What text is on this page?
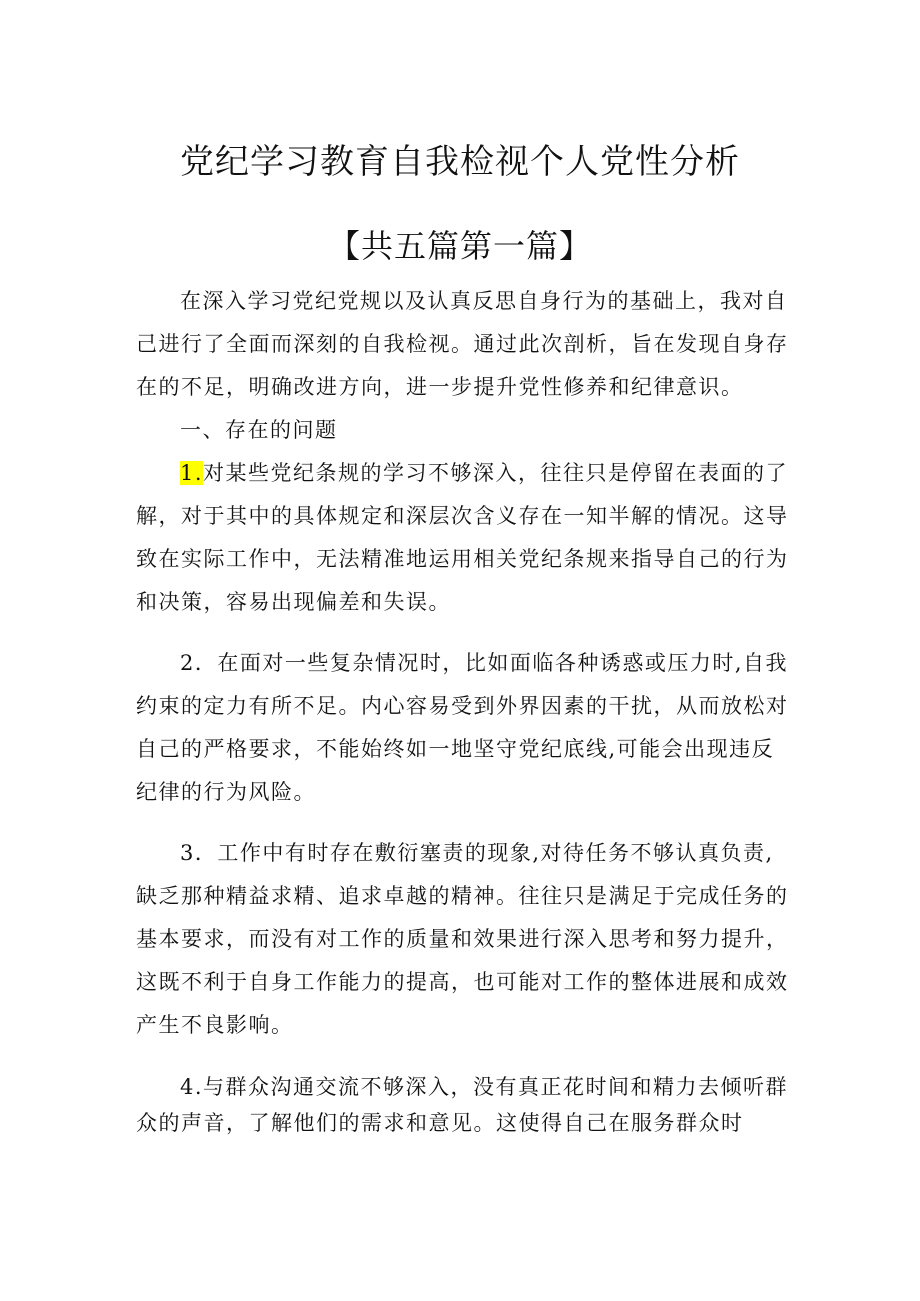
党纪学习教育自我检视个人党性分析
【共五篇第一篇】

在深入学习党纪党规以及认真反思自身行为的基础上，我对自己进行了全面而深刻的自我检视。通过此次剖析，旨在发现自身存在的不足，明确改进方向，进一步提升党性修养和纪律意识。

一、存在的问题

1.对某些党纪条规的学习不够深入，往往只是停留在表面的了解，对于其中的具体规定和深层次含义存在一知半解的情况。这导致在实际工作中，无法精准地运用相关党纪条规来指导自己的行为和决策，容易出现偏差和失误。

2．在面对一些复杂情况时，比如面临各种诱惑或压力时,自我约束的定力有所不足。内心容易受到外界因素的干扰，从而放松对自己的严格要求，不能始终如一地坚守党纪底线,可能会出现违反纪律的行为风险。

3．工作中有时存在敷衍塞责的现象,对待任务不够认真负责,缺乏那种精益求精、追求卓越的精神。往往只是满足于完成任务的基本要求，而没有对工作的质量和效果进行深入思考和努力提升，这既不利于自身工作能力的提高，也可能对工作的整体进展和成效产生不良影响。

4.与群众沟通交流不够深入，没有真正花时间和精力去倾听群众的声音，了解他们的需求和意见。这使得自己在服务群众时
